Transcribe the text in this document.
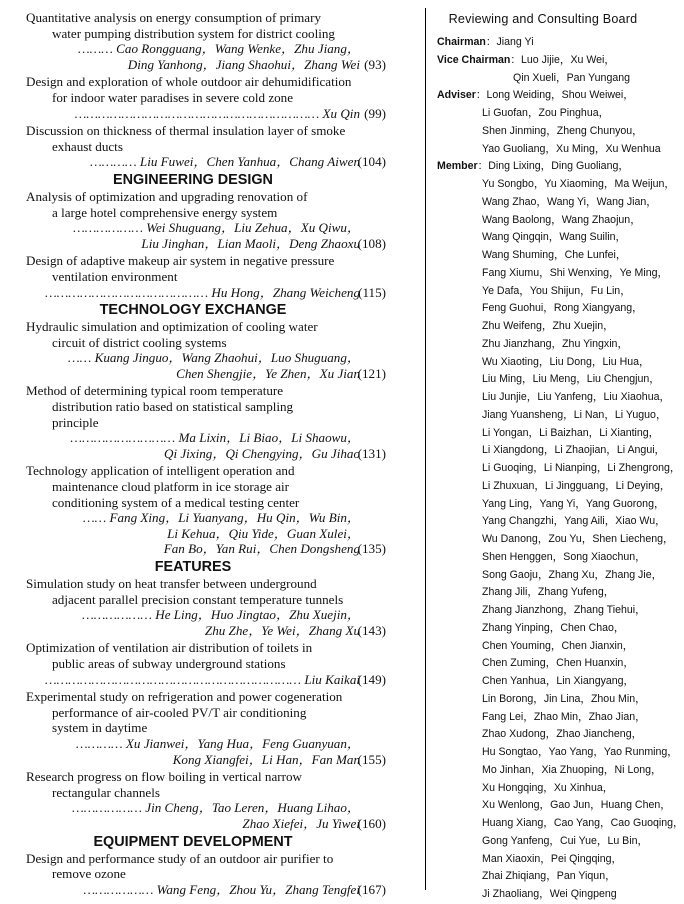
Quantitative analysis on energy consumption of primary
water pumping distribution system for district cooling
……… Cao Rongguang，Wang Wenke，Zhu Jiang，
Ding Yanhong，Jiang Shaohui，Zhang Wei (93)
Design and exploration of whole outdoor air dehumidification
for indoor water paradises in severe cold zone
……………………………………………………… Xu Qin (99)
Discussion on thickness of thermal insulation layer of smoke
exhaust ducts
………… Liu Fuwei，Chen Yanhua，Chang Aiwen
(104)
ENGINEERING DESIGN
Analysis of optimization and upgrading renovation of
a large hotel comprehensive energy system
……………… Wei Shuguang，Liu Zehua，Xu Qiwu，
Liu Jinghan，Lian Maoli，Deng Zhaoxu
(108)
Design of adaptive makeup air system in negative pressure
ventilation environment
…………………………………… Hu Hong，Zhang Weicheng
(115)
TECHNOLOGY EXCHANGE
Hydraulic simulation and optimization of cooling water
circuit of district cooling systems
…… Kuang Jinguo，Wang Zhaohui，Luo Shuguang，
Chen Shengjie，Ye Zhen，Xu Jian
(121)
Method of determining typical room temperature
distribution ratio based on statistical sampling
principle
……………………… Ma Lixin，Li Biao，Li Shaowu，
Qi Jixing，Qi Chengying，Gu Jihao
(131)
Technology application of intelligent operation and
maintenance cloud platform in ice storage air
conditioning system of a medical testing center
…… Fang Xing，Li Yuanyang，Hu Qin，Wu Bin，
Li Kehua，Qiu Yide，Guan Xulei，
Fan Bo，Yan Rui，Chen Dongsheng
(135)
FEATURES
Simulation study on heat transfer between underground
adjacent parallel precision constant temperature tunnels
……………… He Ling，Huo Jingtao，Zhu Xuejin，
Zhu Zhe，Ye Wei，Zhang Xu
(143)
Optimization of ventilation air distribution of toilets in
public areas of subway underground stations
………………………………………………………… Liu Kaikai
(149)
Experimental study on refrigeration and power cogeneration
performance of air-cooled PV/T air conditioning
system in daytime
………… Xu Jianwei，Yang Hua，Feng Guanyuan，
Kong Xiangfei，Li Han，Fan Man
(155)
Research progress on flow boiling in vertical narrow
rectangular channels
……………… Jin Cheng，Tao Leren，Huang Lihao，
Zhao Xiefei，Ju Yiwei
(160)
EQUIPMENT DEVELOPMENT
Design and performance study of an outdoor air purifier to
remove ozone
……………… Wang Feng，Zhou Yu，Zhang Tengfei
(167)
Reviewing and Consulting Board
Chairman：Jiang Yi
Vice Chairman：Luo Jijie，Xu Wei，
Qin Xueli，Pan Yungang
Adviser：Long Weiding，Shou Weiwei，
Li Guofan，Zou Pinghua，
Shen Jinming，Zheng Chunyou，
Yao Guoliang，Xu Ming，Xu Wenhua
Member：Ding Lixing，Ding Guoliang，
Yu Songbo，Yu Xiaoming，Ma Weijun，
Wang Zhao，Wang Yi，Wang Jian，
Wang Baolong，Wang Zhaojun，
Wang Qingqin，Wang Suilin，
Wang Shuming，Che Lunfei，
Fang Xiumu，Shi Wenxing，Ye Ming，
Ye Dafa，You Shijun，Fu Lin，
Feng Guohui，Rong Xiangyang，
Zhu Weifeng，Zhu Xuejin，
Zhu Jianzhang，Zhu Yingxin，
Wu Xiaoting，Liu Dong，Liu Hua，
Liu Ming，Liu Meng，Liu Chengjun，
Liu Junjie，Liu Yanfeng，Liu Xiaohua，
Jiang Yuansheng，Li Nan，Li Yuguo，
Li Yongan，Li Baizhan，Li Xianting，
Li Xiangdong，Li Zhaojian，Li Angui，
Li Guoqing，Li Nianping，Li Zhengrong，
Li Zhuxuan，Li Jingguang，Li Deying，
Yang Ling，Yang Yi，Yang Guorong，
Yang Changzhi，Yang Aili，Xiao Wu，
Wu Danong，Zou Yu，Shen Liecheng，
Shen Henggen，Song Xiaochun，
Song Gaoju，Zhang Xu，Zhang Jie，
Zhang Jili，Zhang Yufeng，
Zhang Jianzhong，Zhang Tiehui，
Zhang Yinping，Chen Chao，
Chen Youming，Chen Jianxin，
Chen Zuming，Chen Huanxin，
Chen Yanhua，Lin Xiangyang，
Lin Borong，Jin Lina，Zhou Min，
Fang Lei，Zhao Min，Zhao Jian，
Zhao Xudong，Zhao Jiancheng，
Hu Songtao，Yao Yang，Yao Runming，
Mo Jinhan，Xia Zhuoping，Ni Long，
Xu Hongqing，Xu Xinhua，
Xu Wenlong，Gao Jun，Huang Chen，
Huang Xiang，Cao Yang，Cao Guoqing，
Gong Yanfeng，Cui Yue，Lu Bin，
Man Xiaoxin，Pei Qingqing，
Zhai Zhiqiang，Pan Yiqun，
Ji Zhaoliang，Wei Qingpeng
